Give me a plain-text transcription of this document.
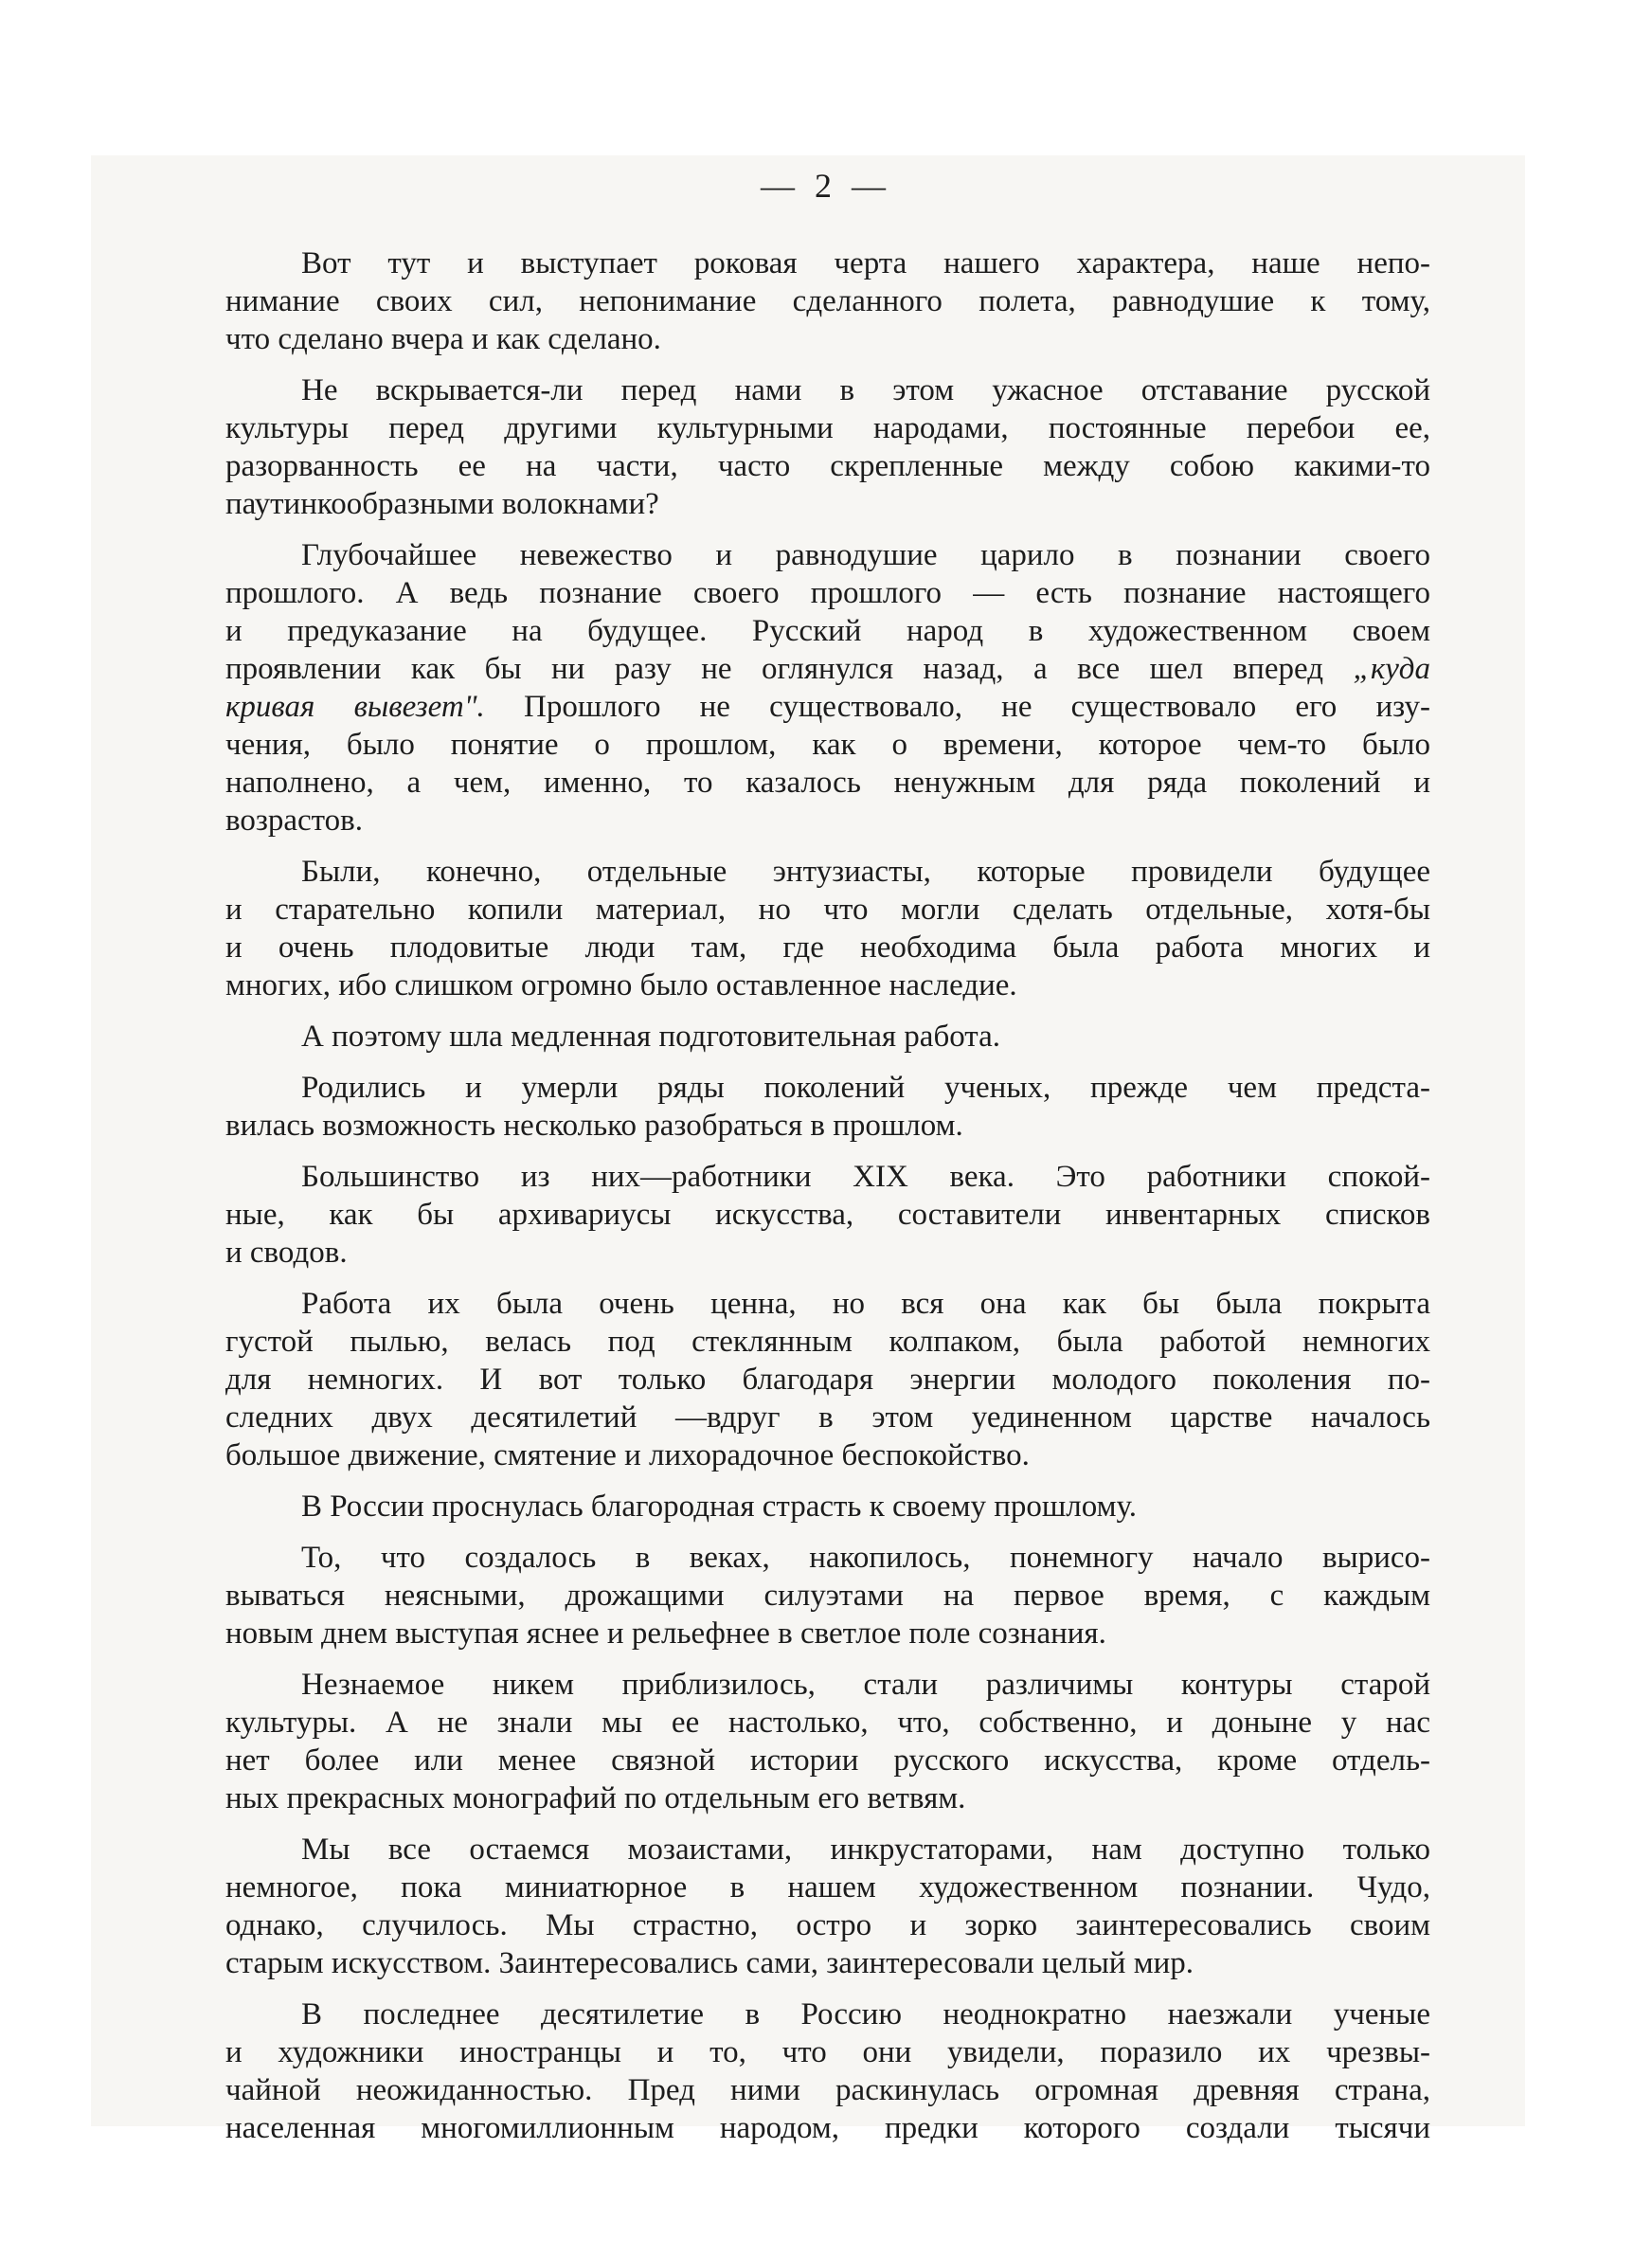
— 2 —

Вот тут и выступает роковая черта нашего характера, наше непо-
нимание своих сил, непонимание сделанного полета, равнодушие к тому,
что сделано вчера и как сделано.

Не вскрывается-ли перед нами в этом ужасное отставание русской
культуры перед другими культурными народами, постоянные перебои ее,
разорванность ее на части, часто скрепленные между собою какими-то
паутинкообразными волокнами?

Глубочайшее невежество и равнодушие царило в познании своего
прошлого. А ведь познание своего прошлого — есть познание настоящего
и предуказание на будущее. Русский народ в художественном своем
проявлении как бы ни разу не оглянулся назад, а все шел вперед „куда
кривая вывезет". Прошлого не существовало, не существовало его изу-
чения, было понятие о прошлом, как о времени, которое чем-то было
наполнено, а чем, именно, то казалось ненужным для ряда поколений и
возрастов.

Были, конечно, отдельные энтузиасты, которые провидели будущее
и старательно копили материал, но что могли сделать отдельные, хотя-бы
и очень плодовитые люди там, где необходима была работа многих и
многих, ибо слишком огромно было оставленное наследие.

А поэтому шла медленная подготовительная работа.

Родились и умерли ряды поколений ученых, прежде чем предста-
вилась возможность несколько разобраться в прошлом.

Большинство из них—работники XIX века. Это работники спокой-
ные, как бы архивариусы искусства, составители инвентарных списков
и сводов.

Работа их была очень ценна, но вся она как бы была покрыта
густой пылью, велась под стеклянным колпаком, была работой немногих
для немногих. И вот только благодаря энергии молодого поколения по-
следних двух десятилетий —вдруг в этом уединенном царстве началось
большое движение, смятение и лихорадочное беспокойство.

В России проснулась благородная страсть к своему прошлому.

То, что создалось в веках, накопилось, понемногу начало вырисо-
вываться неясными, дрожащими силуэтами на первое время, с каждым
новым днем выступая яснее и рельефнее в светлое поле сознания.

Незнаемое никем приблизилось, стали различимы контуры старой
культуры. А не знали мы ее настолько, что, собственно, и доныне у нас
нет более или менее связной истории русского искусства, кроме отдель-
ных прекрасных монографий по отдельным его ветвям.

Мы все остаемся мозаистами, инкрустаторами, нам доступно только
немногое, пока миниатюрное в нашем художественном познании. Чудо,
однако, случилось. Мы страстно, остро и зорко заинтересовались своим
старым искусством. Заинтересовались сами, заинтересовали целый мир.

В последнее десятилетие в Россию неоднократно наезжали ученые
и художники иностранцы и то, что они увидели, поразило их чрезвы-
чайной неожиданностью. Пред ними раскинулась огромная древняя страна,
населенная многомиллионным народом, предки которого создали тысячи
